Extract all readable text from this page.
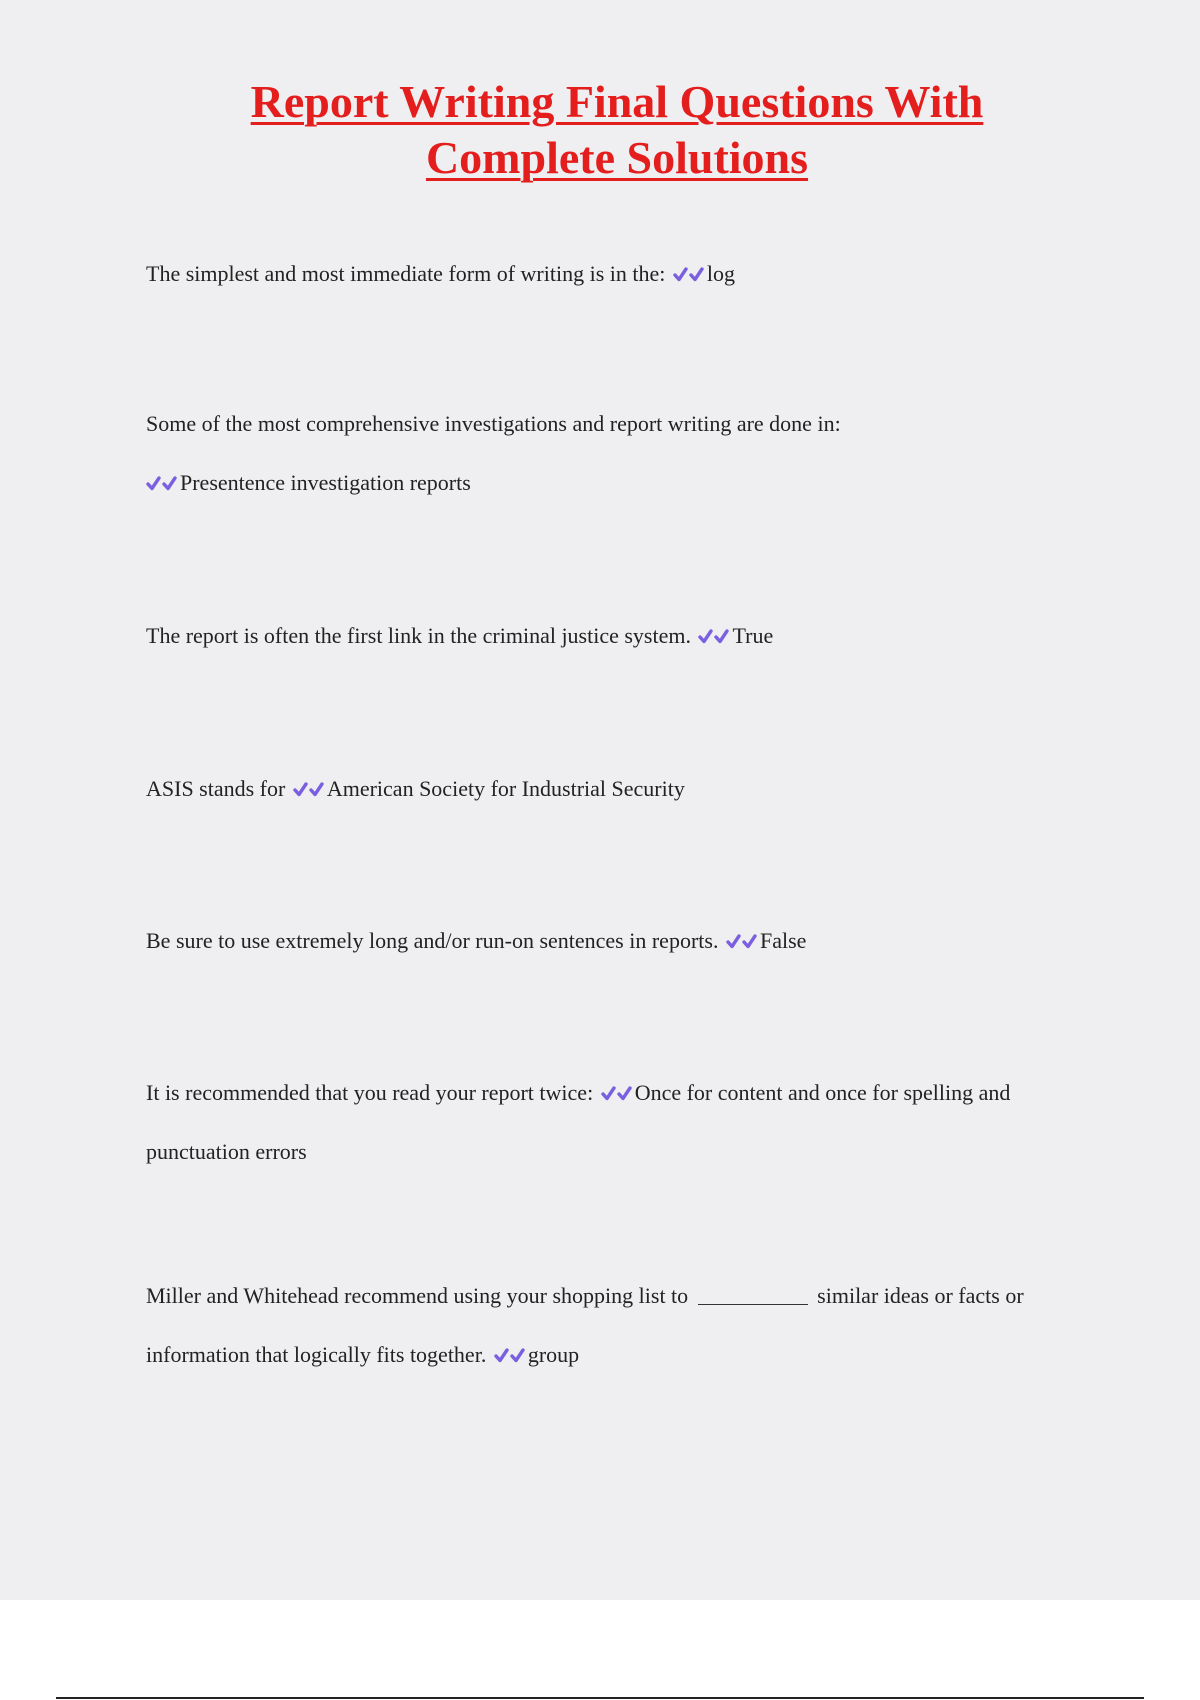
Report Writing Final Questions With
Complete Solutions
The simplest and most immediate form of writing is in the: log
Some of the most comprehensive investigations and report writing are done in:

Presentence investigation reports
The report is often the first link in the criminal justice system. True
ASIS stands for American Society for Industrial Security
Be sure to use extremely long and/or run-on sentences in reports. False
It is recommended that you read your report twice: Once for content and once for spelling and punctuation errors
Miller and Whitehead recommend using your shopping list to	similar ideas or facts or information that logically fits together. group
